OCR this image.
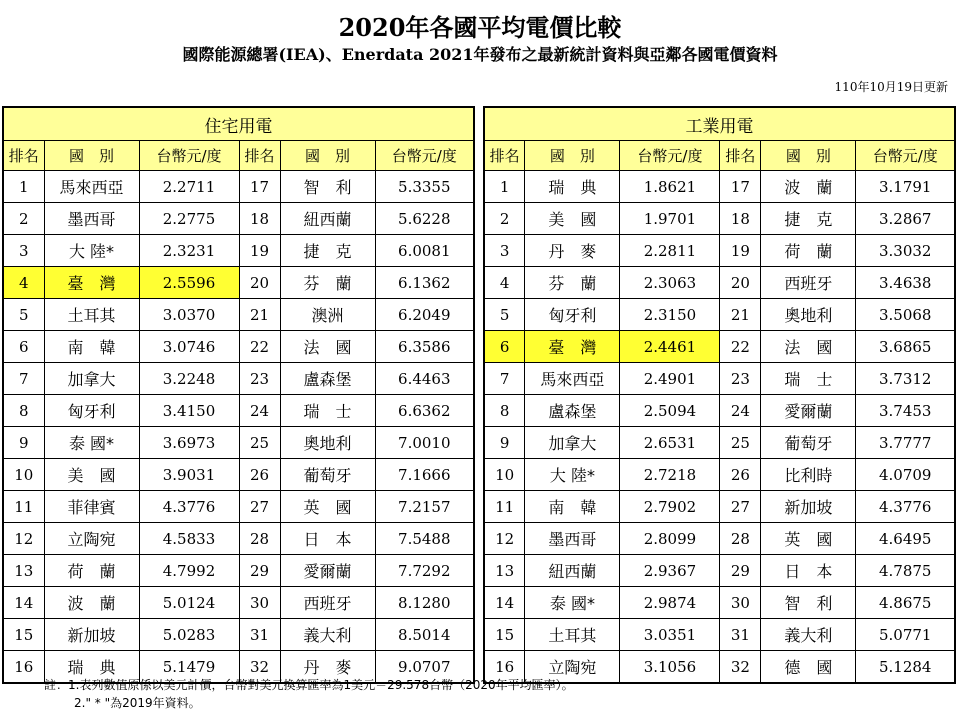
2020年各國平均電價比較
國際能源總署(IEA)、Enerdata 2021年發布之最新統計資料與亞鄰各國電價資料
110年10月19日更新
住宅用電					
排名	國　別	台幣元/度	排名	國　別	台幣元/度
1	馬來西亞	2.2711	17	智　利	5.3355
2	墨西哥	2.2775	18	紐西蘭	5.6228
3	大 陸*	2.3231	19	捷　克	6.0081
4	臺　灣	2.5596	20	芬　蘭	6.1362
5	土耳其	3.0370	21	澳洲	6.2049
6	南　韓	3.0746	22	法　國	6.3586
7	加拿大	3.2248	23	盧森堡	6.4463
8	匈牙利	3.4150	24	瑞　士	6.6362
9	泰 國*	3.6973	25	奧地利	7.0010
10	美　國	3.9031	26	葡萄牙	7.1666
11	菲律賓	4.3776	27	英　國	7.2157
12	立陶宛	4.5833	28	日　本	7.5488
13	荷　蘭	4.7992	29	愛爾蘭	7.7292
14	波　蘭	5.0124	30	西班牙	8.1280
15	新加坡	5.0283	31	義大利	8.5014
16	瑞　典	5.1479	32	丹　麥	9.0707
工業用電					
排名	國　別	台幣元/度	排名	國　別	台幣元/度
1	瑞　典	1.8621	17	波　蘭	3.1791
2	美　國	1.9701	18	捷　克	3.2867
3	丹　麥	2.2811	19	荷　蘭	3.3032
4	芬　蘭	2.3063	20	西班牙	3.4638
5	匈牙利	2.3150	21	奧地利	3.5068
6	臺　灣	2.4461	22	法　國	3.6865
7	馬來西亞	2.4901	23	瑞　士	3.7312
8	盧森堡	2.5094	24	愛爾蘭	3.7453
9	加拿大	2.6531	25	葡萄牙	3.7777
10	大 陸*	2.7218	26	比利時	4.0709
11	南　韓	2.7902	27	新加坡	4.3776
12	墨西哥	2.8099	28	英　國	4.6495
13	紐西蘭	2.9367	29	日　本	4.7875
14	泰 國*	2.9874	30	智　利	4.8675
15	土耳其	3.0351	31	義大利	5.0771
16	立陶宛	3.1056	32	德　國	5.1284
註：1.表列數值原係以美元計價，台幣對美元換算匯率為1美元＝29.578台幣（2020年平均匯率）。
2." * "為2019年資料。
